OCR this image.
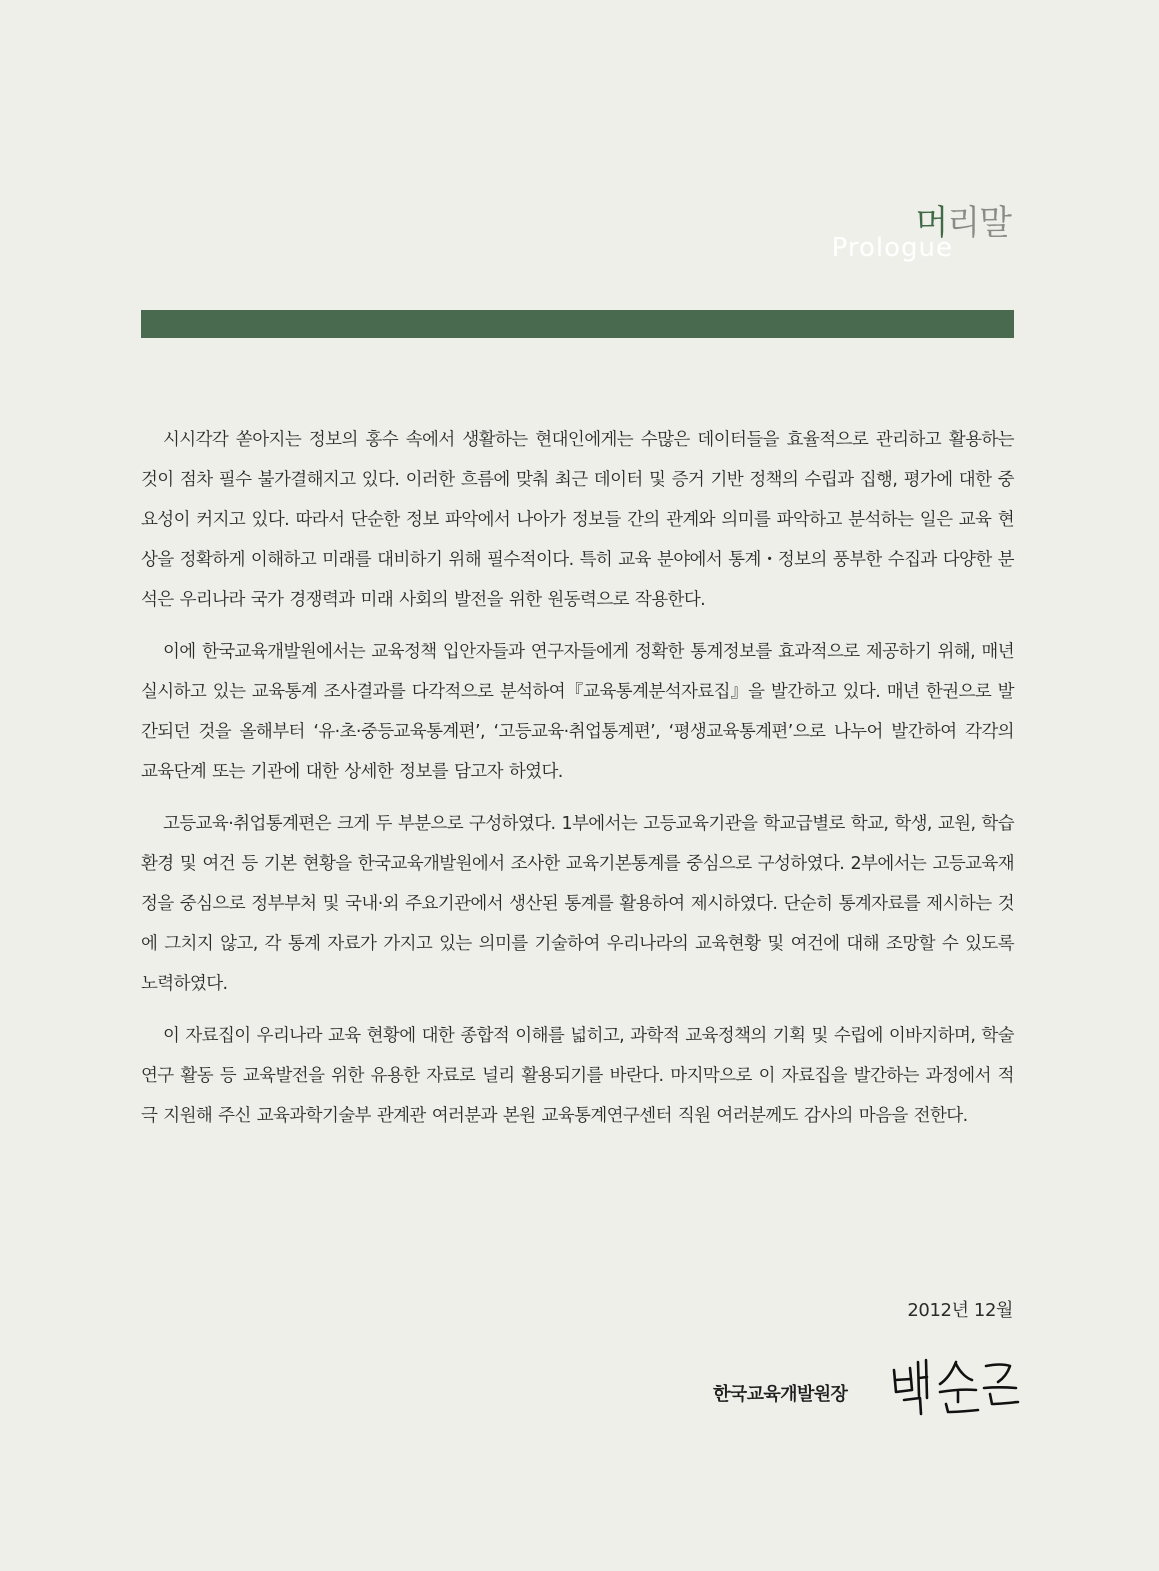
머리말
Prologue

시시각각 쏟아지는 정보의 홍수 속에서 생활하는 현대인에게는 수많은 데이터들을 효율적으로 관리하고 활용하는 것이 점차 필수 불가결해지고 있다. 이러한 흐름에 맞춰 최근 데이터 및 증거 기반 정책의 수립과 집행, 평가에 대한 중요성이 커지고 있다. 따라서 단순한 정보 파악에서 나아가 정보들 간의 관계와 의미를 파악하고 분석하는 일은 교육 현상을 정확하게 이해하고 미래를 대비하기 위해 필수적이다. 특히 교육 분야에서 통계・정보의 풍부한 수집과 다양한 분석은 우리나라 국가 경쟁력과 미래 사회의 발전을 위한 원동력으로 작용한다.

이에 한국교육개발원에서는 교육정책 입안자들과 연구자들에게 정확한 통계정보를 효과적으로 제공하기 위해, 매년 실시하고 있는 교육통계 조사결과를 다각적으로 분석하여『교육통계분석자료집』을 발간하고 있다. 매년 한권으로 발간되던 것을 올해부터 ‘유·초·중등교육통계편’, ‘고등교육·취업통계편’, ‘평생교육통계편’으로 나누어 발간하여 각각의 교육단계 또는 기관에 대한 상세한 정보를 담고자 하였다.

고등교육·취업통계편은 크게 두 부분으로 구성하였다. 1부에서는 고등교육기관을 학교급별로 학교, 학생, 교원, 학습환경 및 여건 등 기본 현황을 한국교육개발원에서 조사한 교육기본통계를 중심으로 구성하였다. 2부에서는 고등교육재정을 중심으로 정부부처 및 국내·외 주요기관에서 생산된 통계를 활용하여 제시하였다. 단순히 통계자료를 제시하는 것에 그치지 않고, 각 통계 자료가 가지고 있는 의미를 기술하여 우리나라의 교육현황 및 여건에 대해 조망할 수 있도록 노력하였다.

이 자료집이 우리나라 교육 현황에 대한 종합적 이해를 넓히고, 과학적 교육정책의 기획 및 수립에 이바지하며, 학술연구 활동 등 교육발전을 위한 유용한 자료로 널리 활용되기를 바란다. 마지막으로 이 자료집을 발간하는 과정에서 적극 지원해 주신 교육과학기술부 관계관 여러분과 본원 교육통계연구센터 직원 여러분께도 감사의 마음을 전한다.

2012년 12월
한국교육개발원장
